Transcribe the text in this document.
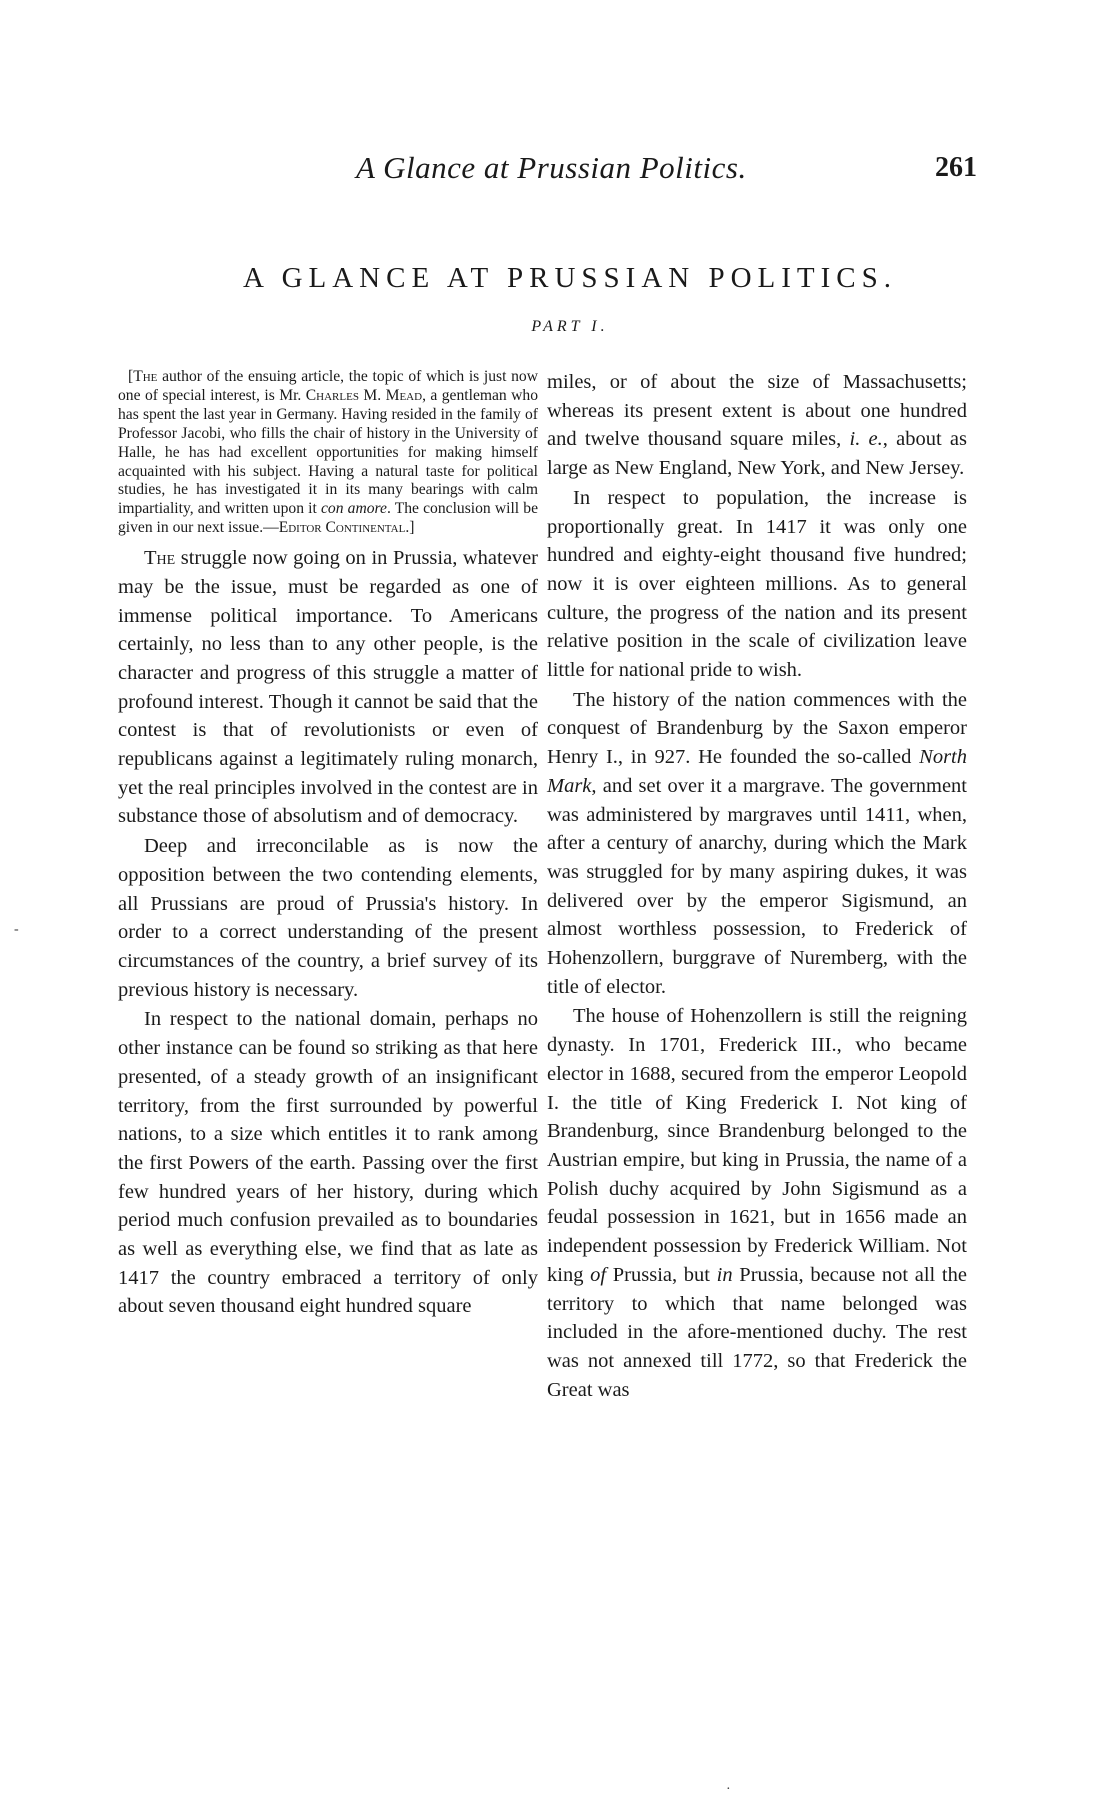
A Glance at Prussian Politics.	261
A GLANCE AT PRUSSIAN POLITICS.
PART I.

[The author of the ensuing article, the topic of which is just now one of special interest, is Mr. Charles M. Mead, a gentleman who has spent the last year in Germany. Having resided in the family of Professor Jacobi, who fills the chair of history in the University of Halle, he has had excellent opportunities for making himself acquainted with his subject. Having a natural taste for political studies, he has investigated it in its many bearings with calm impartiality, and written upon it con amore. The conclusion will be given in our next issue.—Editor Continental.]

The struggle now going on in Prussia, whatever may be the issue, must be regarded as one of immense political importance. To Americans certainly, no less than to any other people, is the character and progress of this struggle a matter of profound interest. Though it cannot be said that the contest is that of revolutionists or even of republicans against a legitimately ruling monarch, yet the real principles involved in the contest are in substance those of absolutism and of democracy.

Deep and irreconcilable as is now the opposition between the two contending elements, all Prussians are proud of Prussia's history. In order to a correct understanding of the present circumstances of the country, a brief survey of its previous history is necessary.

In respect to the national domain, perhaps no other instance can be found so striking as that here presented, of a steady growth of an insignificant territory, from the first surrounded by powerful nations, to a size which entitles it to rank among the first Powers of the earth. Passing over the first few hundred years of her history, during which period much confusion prevailed as to boundaries as well as everything else, we find that as late as 1417 the country embraced a territory of only about seven thousand eight hundred square

miles, or of about the size of Massachusetts; whereas its present extent is about one hundred and twelve thousand square miles, i. e., about as large as New England, New York, and New Jersey.

In respect to population, the increase is proportionally great. In 1417 it was only one hundred and eighty-eight thousand five hundred; now it is over eighteen millions. As to general culture, the progress of the nation and its present relative position in the scale of civilization leave little for national pride to wish.

The history of the nation commences with the conquest of Brandenburg by the Saxon emperor Henry I., in 927. He founded the so-called North Mark, and set over it a margrave. The government was administered by margraves until 1411, when, after a century of anarchy, during which the Mark was struggled for by many aspiring dukes, it was delivered over by the emperor Sigismund, an almost worthless possession, to Frederick of Hohenzollern, burggrave of Nuremberg, with the title of elector.

The house of Hohenzollern is still the reigning dynasty. In 1701, Frederick III., who became elector in 1688, secured from the emperor Leopold I. the title of King Frederick I. Not king of Brandenburg, since Brandenburg belonged to the Austrian empire, but king in Prussia, the name of a Polish duchy acquired by John Sigismund as a feudal possession in 1621, but in 1656 made an independent possession by Frederick William. Not king of Prussia, but in Prussia, because not all the territory to which that name belonged was included in the afore-mentioned duchy. The rest was not annexed till 1772, so that Frederick the Great was

-
·
